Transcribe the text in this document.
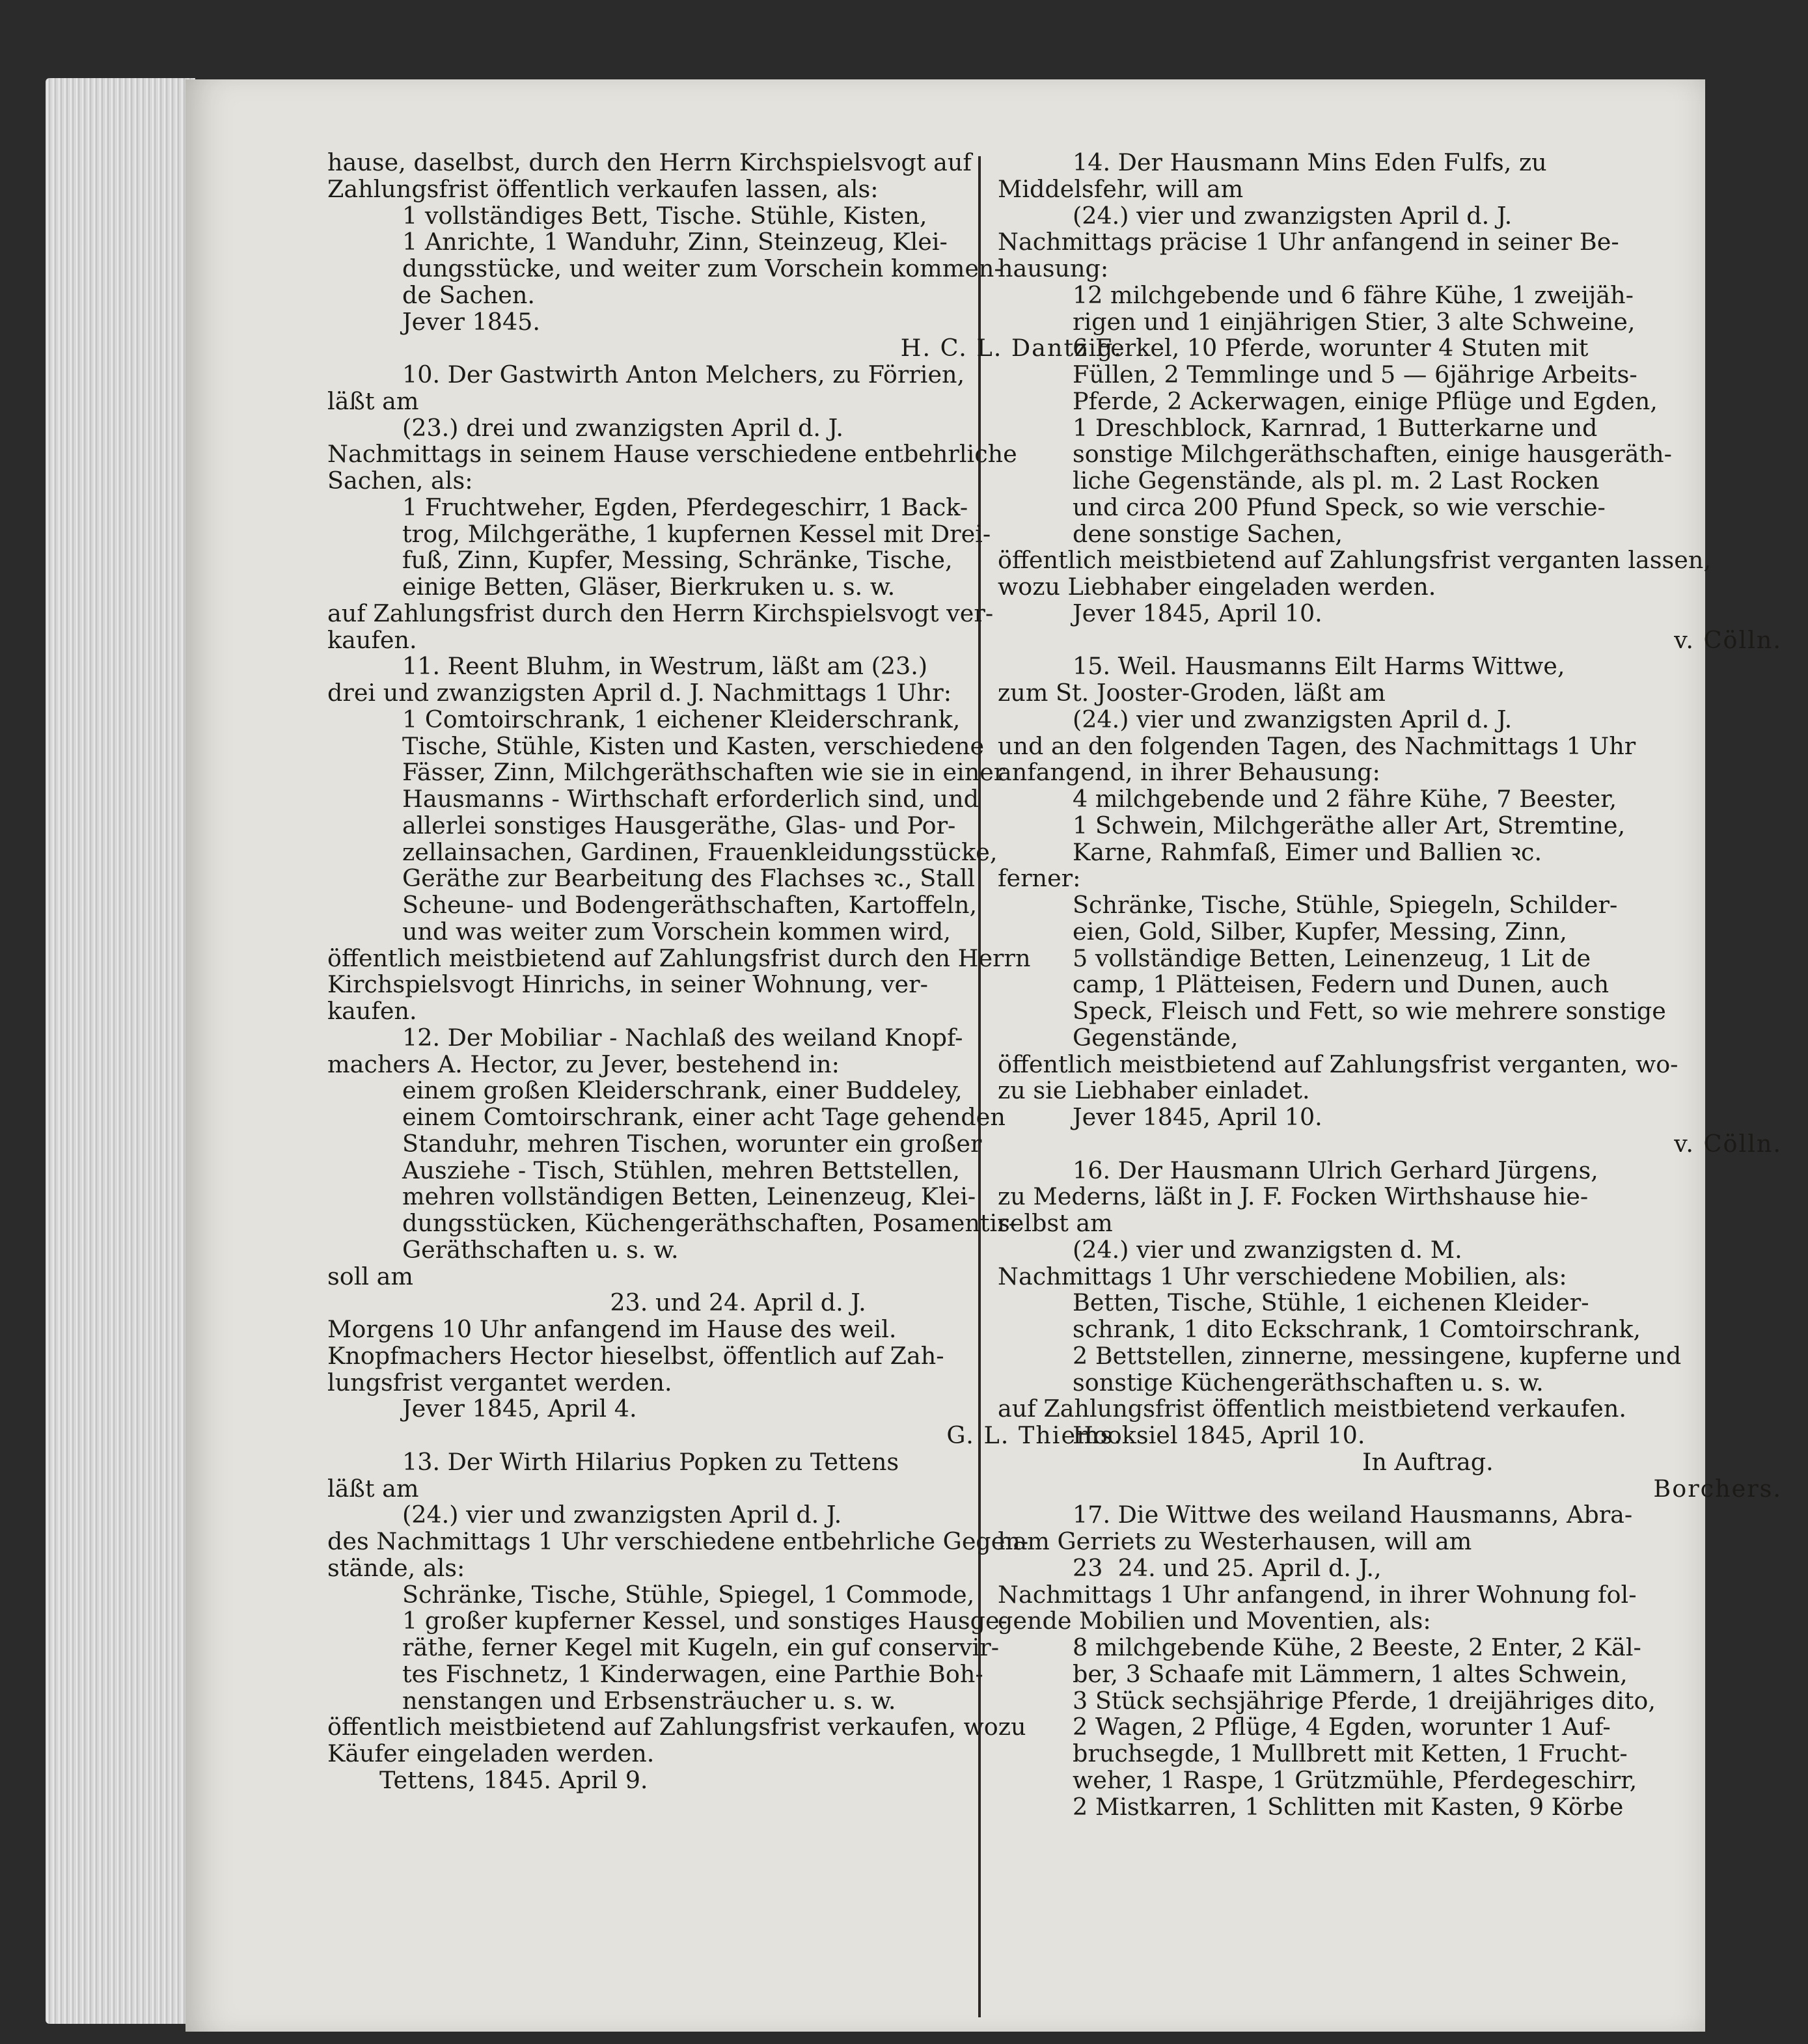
hause, daselbst, durch den Herrn Kirchspielsvogt auf
Zahlungsfrist öffentlich verkaufen lassen, als:
1 vollständiges Bett, Tische. Stühle, Kisten,
1 Anrichte, 1 Wanduhr, Zinn, Steinzeug, Klei-
dungsstücke, und weiter zum Vorschein kommen-
de Sachen.
Jever 1845.
H. C. L. Dantzig.
10. Der Gastwirth Anton Melchers, zu Förrien,
läßt am
(23.) drei und zwanzigsten April d. J.
Nachmittags in seinem Hause verschiedene entbehrliche
Sachen, als:
1 Fruchtweher, Egden, Pferdegeschirr, 1 Back-
trog, Milchgeräthe, 1 kupfernen Kessel mit Drei-
fuß, Zinn, Kupfer, Messing, Schränke, Tische,
einige Betten, Gläser, Bierkruken u. s. w.
auf Zahlungsfrist durch den Herrn Kirchspielsvogt ver-
kaufen.
11. Reent Bluhm, in Westrum, läßt am (23.)
drei und zwanzigsten April d. J. Nachmittags 1 Uhr:
1 Comtoirschrank, 1 eichener Kleiderschrank,
Tische, Stühle, Kisten und Kasten, verschiedene
Fässer, Zinn, Milchgeräthschaften wie sie in einer
Hausmanns - Wirthschaft erforderlich sind, und
allerlei sonstiges Hausgeräthe, Glas- und Por-
zellainsachen, Gardinen, Frauenkleidungsstücke,
Geräthe zur Bearbeitung des Flachses ꝛc., Stall
Scheune- und Bodengeräthschaften, Kartoffeln,
und was weiter zum Vorschein kommen wird,
öffentlich meistbietend auf Zahlungsfrist durch den Herrn
Kirchspielsvogt Hinrichs, in seiner Wohnung, ver-
kaufen.
12. Der Mobiliar - Nachlaß des weiland Knopf-
machers A. Hector, zu Jever, bestehend in:
einem großen Kleiderschrank, einer Buddeley,
einem Comtoirschrank, einer acht Tage gehenden
Standuhr, mehren Tischen, worunter ein großer
Ausziehe - Tisch, Stühlen, mehren Bettstellen,
mehren vollständigen Betten, Leinenzeug, Klei-
dungsstücken, Küchengeräthschaften, Posamentir-
Geräthschaften u. s. w.
soll am
23. und 24. April d. J.
Morgens 10 Uhr anfangend im Hause des weil.
Knopfmachers Hector hieselbst, öffentlich auf Zah-
lungsfrist vergantet werden.
Jever 1845, April 4.
G. L. Thiems.
13. Der Wirth Hilarius Popken zu Tettens
läßt am
(24.) vier und zwanzigsten April d. J.
des Nachmittags 1 Uhr verschiedene entbehrliche Gegen-
stände, als:
Schränke, Tische, Stühle, Spiegel, 1 Commode,
1 großer kupferner Kessel, und sonstiges Hausge-
räthe, ferner Kegel mit Kugeln, ein guf conservir-
tes Fischnetz, 1 Kinderwagen, eine Parthie Boh-
nenstangen und Erbsensträucher u. s. w.
öffentlich meistbietend auf Zahlungsfrist verkaufen, wozu
Käufer eingeladen werden.
Tettens, 1845. April 9.
14. Der Hausmann Mins Eden Fulfs, zu
Middelsfehr, will am
(24.) vier und zwanzigsten April d. J.
Nachmittags präcise 1 Uhr anfangend in seiner Be-
hausung:
12 milchgebende und 6 fähre Kühe, 1 zweijäh-
rigen und 1 einjährigen Stier, 3 alte Schweine,
6 Ferkel, 10 Pferde, worunter 4 Stuten mit
Füllen, 2 Temmlinge und 5 — 6jährige Arbeits-
Pferde, 2 Ackerwagen, einige Pflüge und Egden,
1 Dreschblock, Karnrad, 1 Butterkarne und
sonstige Milchgeräthschaften, einige hausgeräth-
liche Gegenstände, als pl. m. 2 Last Rocken
und circa 200 Pfund Speck, so wie verschie-
dene sonstige Sachen,
öffentlich meistbietend auf Zahlungsfrist verganten lassen,
wozu Liebhaber eingeladen werden.
Jever 1845, April 10.
v. Cölln.
15. Weil. Hausmanns Eilt Harms Wittwe,
zum St. Jooster-Groden, läßt am
(24.) vier und zwanzigsten April d. J.
und an den folgenden Tagen, des Nachmittags 1 Uhr
anfangend, in ihrer Behausung:
4 milchgebende und 2 fähre Kühe, 7 Beester,
1 Schwein, Milchgeräthe aller Art, Stremtine,
Karne, Rahmfaß, Eimer und Ballien ꝛc.
ferner:
Schränke, Tische, Stühle, Spiegeln, Schilder-
eien, Gold, Silber, Kupfer, Messing, Zinn,
5 vollständige Betten, Leinenzeug, 1 Lit de
camp, 1 Plätteisen, Federn und Dunen, auch
Speck, Fleisch und Fett, so wie mehrere sonstige
Gegenstände,
öffentlich meistbietend auf Zahlungsfrist verganten, wo-
zu sie Liebhaber einladet.
Jever 1845, April 10.
v. Cölln.
16. Der Hausmann Ulrich Gerhard Jürgens,
zu Mederns, läßt in J. F. Focken Wirthshause hie-
selbst am
(24.) vier und zwanzigsten d. M.
Nachmittags 1 Uhr verschiedene Mobilien, als:
Betten, Tische, Stühle, 1 eichenen Kleider-
schrank, 1 dito Eckschrank, 1 Comtoirschrank,
2 Bettstellen, zinnerne, messingene, kupferne und
sonstige Küchengeräthschaften u. s. w.
auf Zahlungsfrist öffentlich meistbietend verkaufen.
Hooksiel 1845, April 10.
In Auftrag.
Borchers.
17. Die Wittwe des weiland Hausmanns, Abra-
ham Gerriets zu Westerhausen, will am
23  24. und 25. April d. J.,
Nachmittags 1 Uhr anfangend, in ihrer Wohnung fol-
gende Mobilien und Moventien, als:
8 milchgebende Kühe, 2 Beeste, 2 Enter, 2 Käl-
ber, 3 Schaafe mit Lämmern, 1 altes Schwein,
3 Stück sechsjährige Pferde, 1 dreijähriges dito,
2 Wagen, 2 Pflüge, 4 Egden, worunter 1 Auf-
bruchsegde, 1 Mullbrett mit Ketten, 1 Frucht-
weher, 1 Raspe, 1 Grützmühle, Pferdegeschirr,
2 Mistkarren, 1 Schlitten mit Kasten, 9 Körbe
